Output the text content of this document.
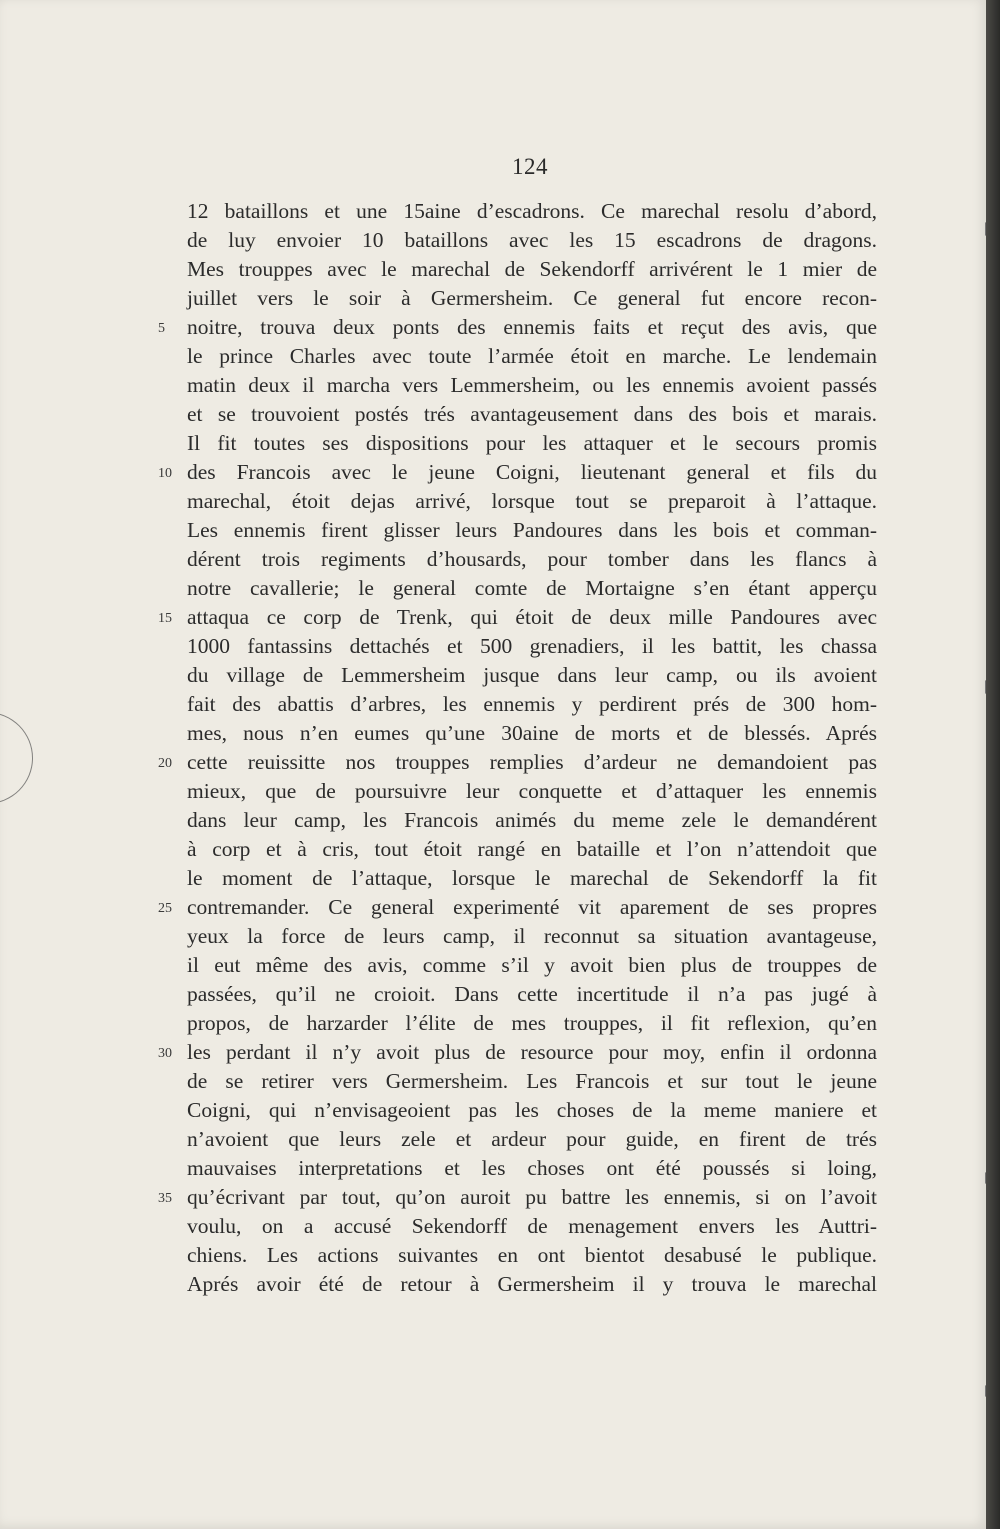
124
5
10
15
20
25
30
35
12 bataillons et une 15aine d’escadrons. Ce marechal resolu d’abord,
de luy envoier 10 bataillons avec les 15 escadrons de dragons.
Mes trouppes avec le marechal de Sekendorff arrivérent le 1 mier de
juillet vers le soir à Germersheim. Ce general fut encore recon-
noitre, trouva deux ponts des ennemis faits et reçut des avis, que
le prince Charles avec toute l’armée étoit en marche. Le lendemain
matin deux il marcha vers Lemmersheim, ou les ennemis avoient passés
et se trouvoient postés trés avantageusement dans des bois et marais.
Il fit toutes ses dispositions pour les attaquer et le secours promis
des Francois avec le jeune Coigni, lieutenant general et fils du
marechal, étoit dejas arrivé, lorsque tout se preparoit à l’attaque.
Les ennemis firent glisser leurs Pandoures dans les bois et comman-
dérent trois regiments d’housards, pour tomber dans les flancs à
notre cavallerie; le general comte de Mortaigne s’en étant apperçu
attaqua ce corp de Trenk, qui étoit de deux mille Pandoures avec
1000 fantassins dettachés et 500 grenadiers, il les battit, les chassa
du village de Lemmersheim jusque dans leur camp, ou ils avoient
fait des abattis d’arbres, les ennemis y perdirent prés de 300 hom-
mes, nous n’en eumes qu’une 30aine de morts et de blessés. Aprés
cette reuissitte nos trouppes remplies d’ardeur ne demandoient pas
mieux, que de poursuivre leur conquette et d’attaquer les ennemis
dans leur camp, les Francois animés du meme zele le demandérent
à corp et à cris, tout étoit rangé en bataille et l’on n’attendoit que
le moment de l’attaque, lorsque le marechal de Sekendorff la fit
contremander. Ce general experimenté vit aparement de ses propres
yeux la force de leurs camp, il reconnut sa situation avantageuse,
il eut même des avis, comme s’il y avoit bien plus de trouppes de
passées, qu’il ne croioit. Dans cette incertitude il n’a pas jugé à
propos, de harzarder l’élite de mes trouppes, il fit reflexion, qu’en
les perdant il n’y avoit plus de resource pour moy, enfin il ordonna
de se retirer vers Germersheim. Les Francois et sur tout le jeune
Coigni, qui n’envisageoient pas les choses de la meme maniere et
n’avoient que leurs zele et ardeur pour guide, en firent de trés
mauvaises interpretations et les choses ont été poussés si loing,
qu’écrivant par tout, qu’on auroit pu battre les ennemis, si on l’avoit
voulu, on a accusé Sekendorff de menagement envers les Auttri-
chiens. Les actions suivantes en ont bientot desabusé le publique.
Aprés avoir été de retour à Germersheim il y trouva le marechal
